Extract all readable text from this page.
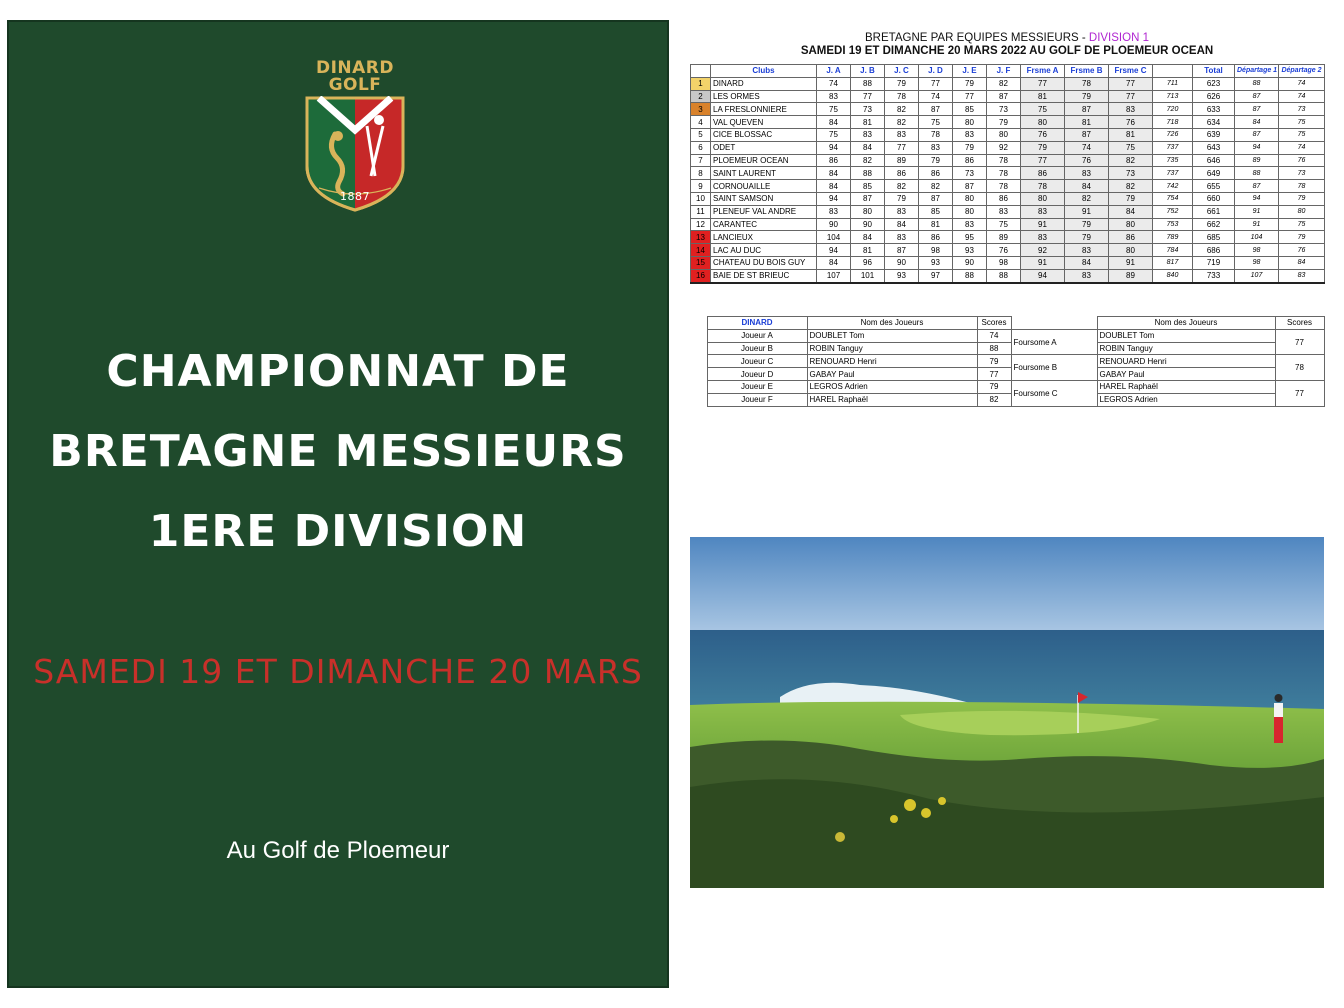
DINARD
GOLF
1887
CHAMPIONNAT DE
BRETAGNE MESSIEURS
1ERE DIVISION
SAMEDI 19 ET DIMANCHE 20 MARS
Au Golf de Ploemeur
BRETAGNE PAR EQUIPES MESSIEURS - DIVISION 1
SAMEDI 19 ET DIMANCHE 20 MARS 2022 AU GOLF DE PLOEMEUR OCEAN
	Clubs	J. A	J. B	J. C	J. D	J. E	J. F	Frsme A	Frsme B	Frsme C		Total	Départage 1	Départage 2
1	DINARD	74	88	79	77	79	82	77	78	77	711	623	88	74
2	LES ORMES	83	77	78	74	77	87	81	79	77	713	626	87	74
3	LA FRESLONNIERE	75	73	82	87	85	73	75	87	83	720	633	87	73
4	VAL QUEVEN	84	81	82	75	80	79	80	81	76	718	634	84	75
5	CICE BLOSSAC	75	83	83	78	83	80	76	87	81	726	639	87	75
6	ODET	94	84	77	83	79	92	79	74	75	737	643	94	74
7	PLOEMEUR OCEAN	86	82	89	79	86	78	77	76	82	735	646	89	76
8	SAINT LAURENT	84	88	86	86	73	78	86	83	73	737	649	88	73
9	CORNOUAILLE	84	85	82	82	87	78	78	84	82	742	655	87	78
10	SAINT SAMSON	94	87	79	87	80	86	80	82	79	754	660	94	79
11	PLENEUF VAL ANDRE	83	80	83	85	80	83	83	91	84	752	661	91	80
12	CARANTEC	90	90	84	81	83	75	91	79	80	753	662	91	75
13	LANCIEUX	104	84	83	86	95	89	83	79	86	789	685	104	79
14	LAC AU DUC	94	81	87	98	93	76	92	83	80	784	686	98	76
15	CHATEAU DU BOIS GUY	84	96	90	93	90	98	91	84	91	817	719	98	84
16	BAIE DE ST BRIEUC	107	101	93	97	88	88	94	83	89	840	733	107	83
	DINARD	Nom des Joueurs	Scores		Nom des Joueurs	Scores
	Joueur A	DOUBLET Tom	74	Foursome A	DOUBLET Tom	77
	Joueur B	ROBIN Tanguy	88		ROBIN Tanguy	
	Joueur C	RENOUARD Henri	79	Foursome B	RENOUARD Henri	78
	Joueur D	GABAY Paul	77		GABAY Paul	
	Joueur E	LEGROS Adrien	79	Foursome C	HAREL Raphaël	77
	Joueur F	HAREL Raphaël	82		LEGROS Adrien	
